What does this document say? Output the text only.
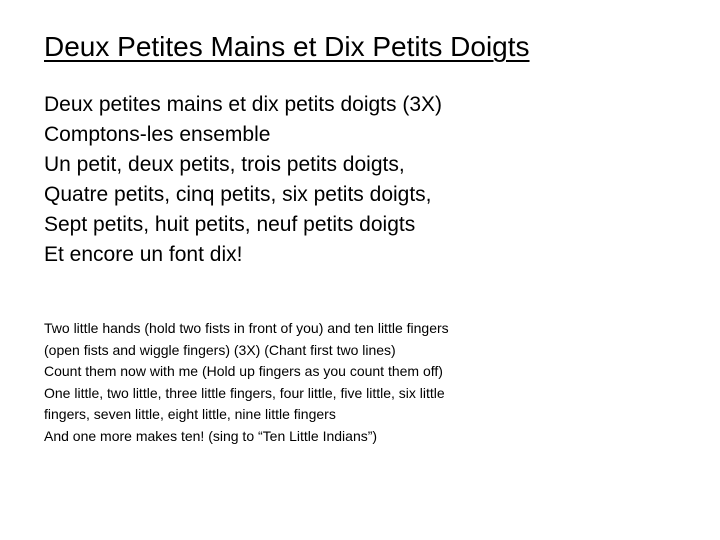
Deux Petites Mains et Dix Petits Doigts
Deux petites mains et dix petits doigts (3X)
Comptons-les ensemble
Un petit, deux petits, trois petits doigts,
Quatre petits, cinq petits, six petits doigts,
Sept petits, huit petits, neuf petits doigts
Et encore un font dix!
Two little hands (hold two fists in front of you) and ten little fingers
(open fists and wiggle fingers) (3X) (Chant first two lines)
Count them now with me (Hold up fingers as you count them off)
One little, two little, three little fingers, four little, five little, six little
fingers, seven little, eight little, nine little fingers
And one more makes ten! (sing to “Ten Little Indians”)
